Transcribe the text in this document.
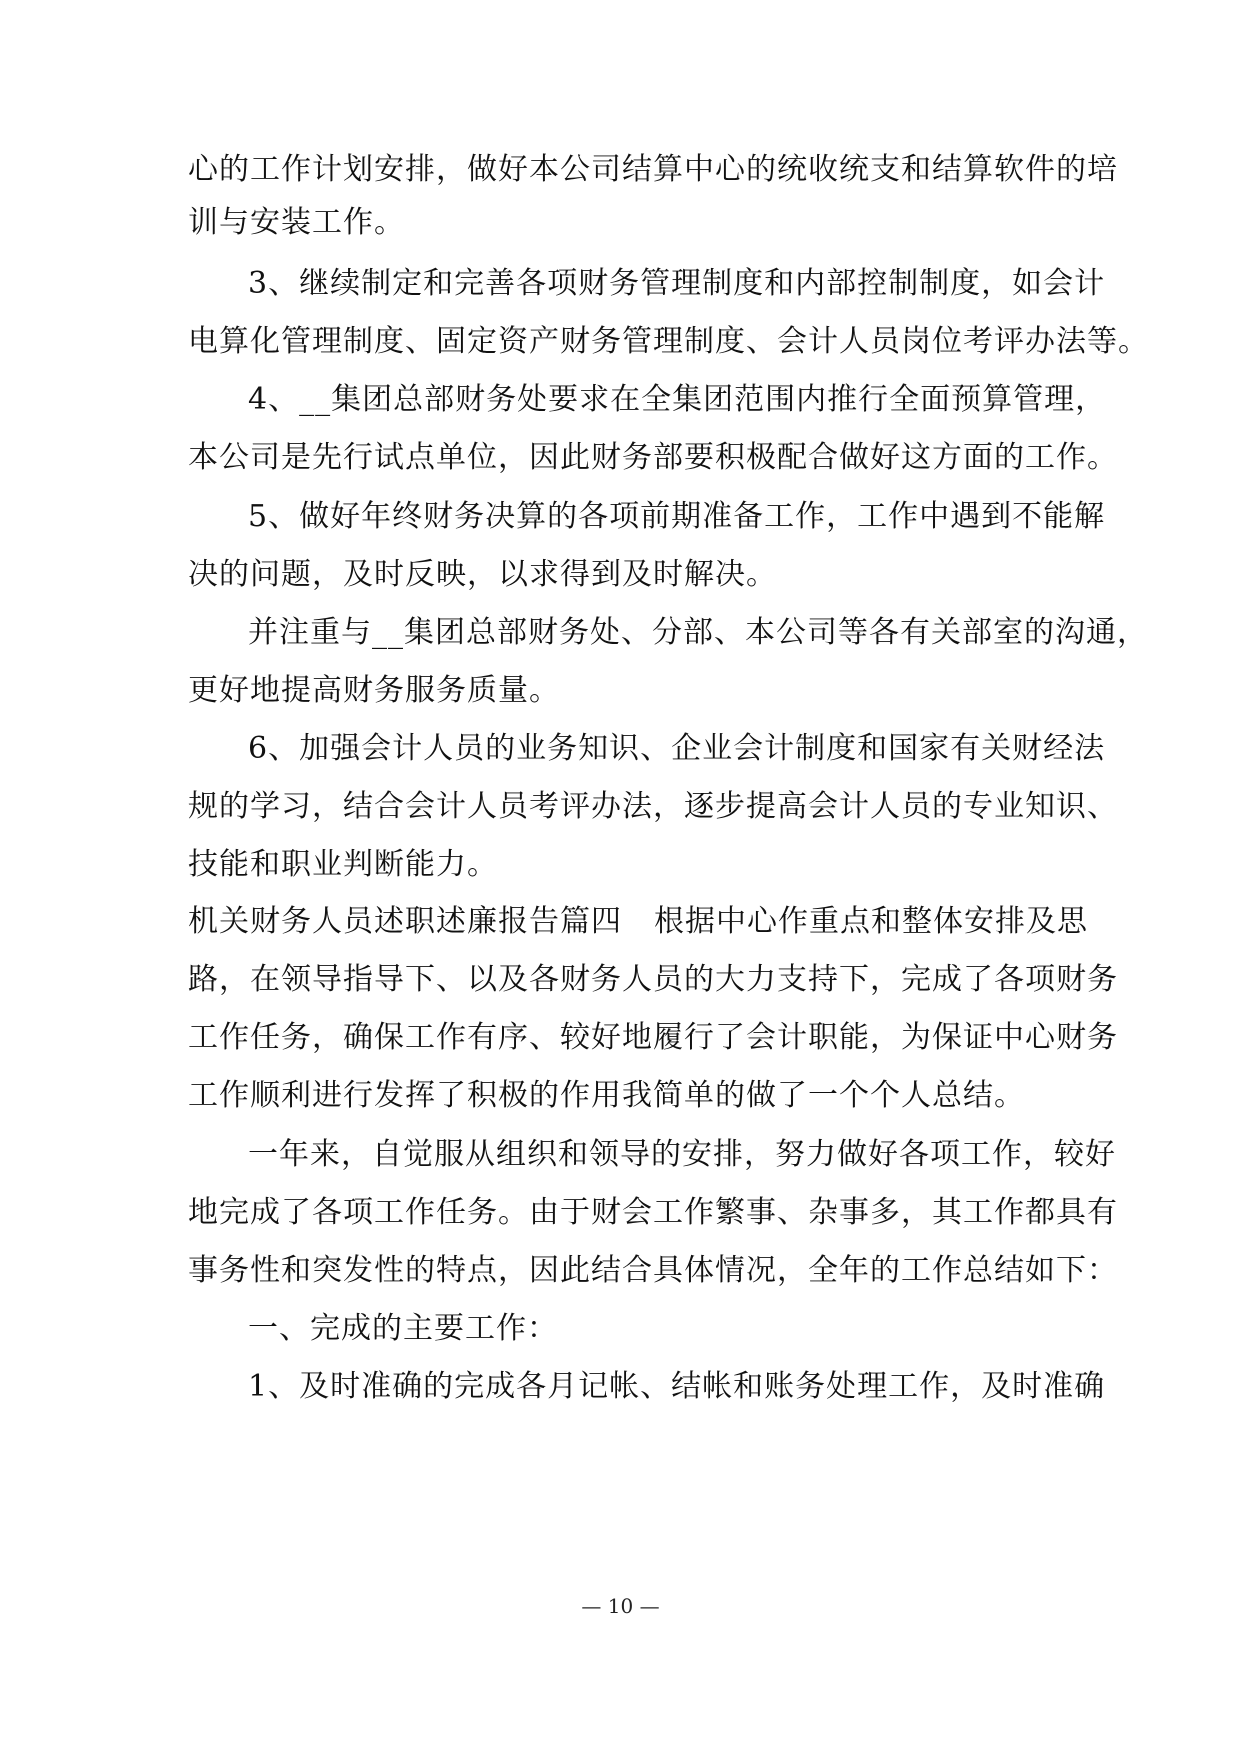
心的工作计划安排，做好本公司结算中心的统收统支和结算软件的培
训与安装工作。
3、继续制定和完善各项财务管理制度和内部控制制度，如会计
电算化管理制度、固定资产财务管理制度、会计人员岗位考评办法等。
4、__集团总部财务处要求在全集团范围内推行全面预算管理，
本公司是先行试点单位，因此财务部要积极配合做好这方面的工作。
5、做好年终财务决算的各项前期准备工作，工作中遇到不能解
决的问题，及时反映，以求得到及时解决。
并注重与__集团总部财务处、分部、本公司等各有关部室的沟通，
更好地提高财务服务质量。
6、加强会计人员的业务知识、企业会计制度和国家有关财经法
规的学习，结合会计人员考评办法，逐步提高会计人员的专业知识、
技能和职业判断能力。
机关财务人员述职述廉报告篇四 根据中心作重点和整体安排及思
路，在领导指导下、以及各财务人员的大力支持下，完成了各项财务
工作任务，确保工作有序、较好地履行了会计职能，为保证中心财务
工作顺利进行发挥了积极的作用我简单的做了一个个人总结。
一年来，自觉服从组织和领导的安排，努力做好各项工作，较好
地完成了各项工作任务。由于财会工作繁事、杂事多，其工作都具有
事务性和突发性的特点，因此结合具体情况，全年的工作总结如下：
一、完成的主要工作：
1、及时准确的完成各月记帐、结帐和账务处理工作，及时准确
— 10 —
